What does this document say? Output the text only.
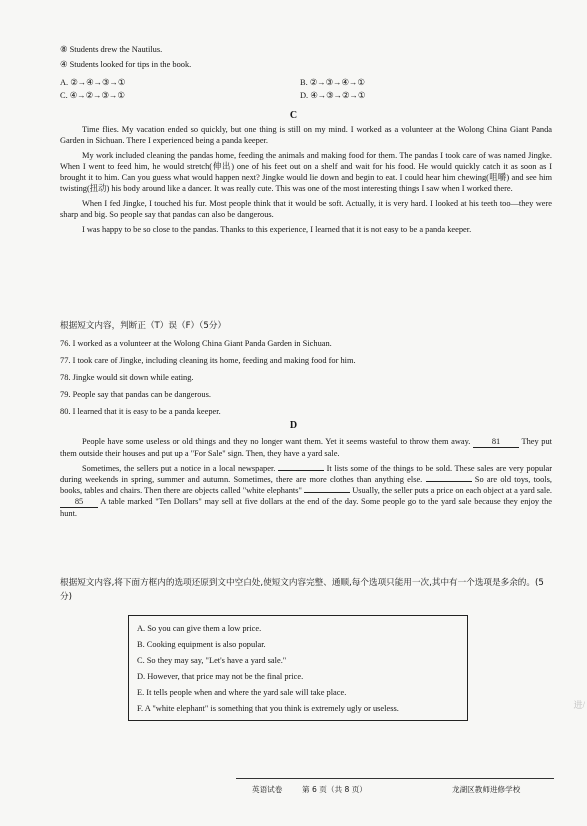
⑧ Students drew the Nautilus.

④ Students looked for tips in the book.

A. ②→④→③→①	B. ②→③→④→①
C. ④→②→③→①	D. ④→③→②→①
C

Time flies. My vacation ended so quickly, but one thing is still on my mind. I worked as a volunteer at the Wolong China Giant Panda Garden in Sichuan. There I experienced being a panda keeper.

My work included cleaning the pandas home, feeding the animals and making food for them. The pandas I took care of was named Jingke. When I went to feed him, he would stretch(伸出) one of his feet out on a shelf and wait for his food. He would quickly catch it as soon as I brought it to him. Can you guess what would happen next? Jingke would lie down and begin to eat. I could hear him chewing(咀嚼) and see him twisting(扭动) his body around like a dancer. It was really cute. This was one of the most interesting things I saw when I worked there.

When I fed Jingke, I touched his fur. Most people think that it would be soft. Actually, it is very hard. I looked at his teeth too—they were sharp and big. So people say that pandas can also be dangerous.

I was happy to be so close to the pandas. Thanks to this experience, I learned that it is not easy to be a panda keeper.

根据短文内容，判断正（T）误（F）（5分）

76. I worked as a volunteer at the Wolong China Giant Panda Garden in Sichuan.

77. I took care of Jingke, including cleaning its home, feeding and making food for him.

78. Jingke would sit down while eating.

79. People say that pandas can be dangerous.

80. I learned that it is easy to be a panda keeper.

D

People have some useless or old things and they no longer want them. Yet it seems wasteful to throw them away.	81	They put them outside their houses and put up a "For Sale" sign. Then, they have a yard sale.

Sometimes, the sellers put a notice in a local newspaper.	It lists some of the things to be sold. These sales are very popular during weekends in spring, summer and autumn. Sometimes, there are more clothes than anything else.	So are old toys, tools, books, tables and chairs. Then there are objects called "white elephants"	Usually, the seller puts a price on each object at a yard sale. 85 A table marked "Ten Dollars" may sell at five dollars at the end of the day. Some people go to the yard sale because they enjoy the hunt.

根据短文内容,将下面方框内的选项还原到文中空白处,使短文内容完整、通顺,每个选项只能用一次,其中有一个选项是多余的。(5分)
A. So you can give them a low price.
B. Cooking equipment is also popular.
C. So they may say, "Let's have a yard sale."
D. However, that price may not be the final price.
E. It tells people when and where the yard sale will take place.
F. A "white elephant" is something that you think is extremely ugly or useless.	进/
英语试卷	第 6 页（共 8 页）	龙湖区教师进修学校
